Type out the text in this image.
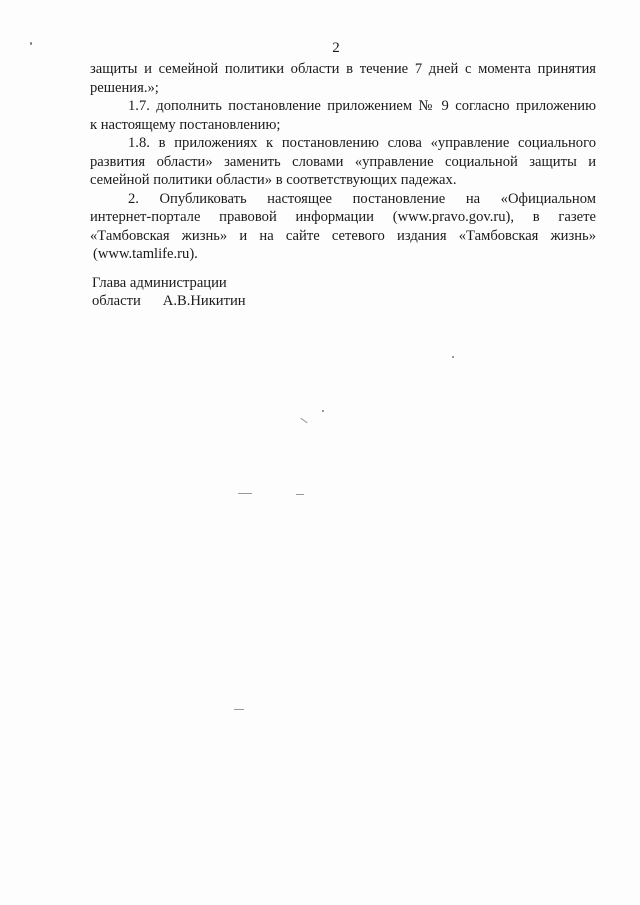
2
защиты и семейной политики области в течение 7 дней с момента принятия
решения.»;
1.7. дополнить постановление приложением № 9 согласно приложению
к настоящему постановлению;
1.8. в приложениях к постановлению слова «управление социального
развития области» заменить словами «управление социальной защиты и
семейной политики области» в соответствующих падежах.
2. Опубликовать настоящее постановление на «Официальном
интернет-портале правовой информации (www.pravo.gov.ru), в газете
«Тамбовская жизнь» и на сайте сетевого издания «Тамбовская жизнь»
(www.tamlife.ru).
Глава администрации
области А.В.Никитин
